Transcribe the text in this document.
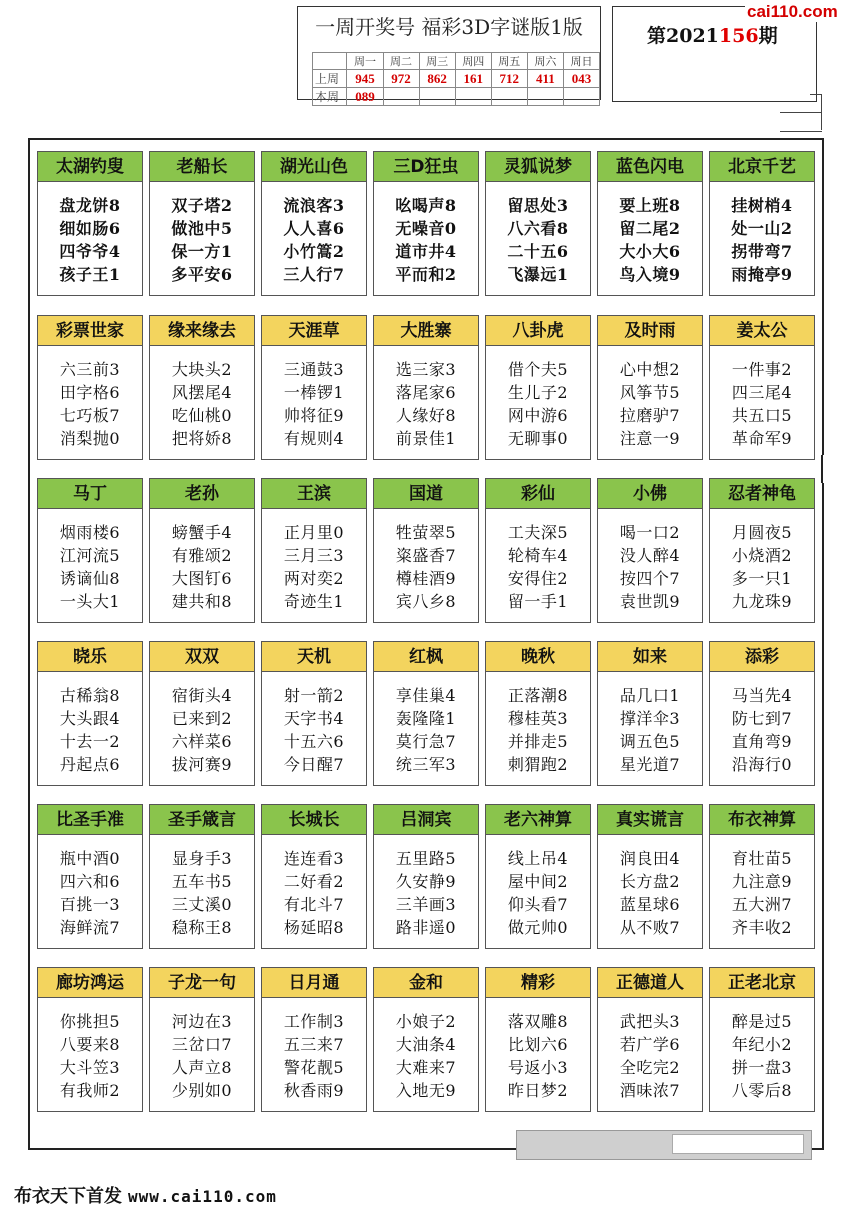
一周开奖号 福彩3D字谜版1版
	周一	周二	周三	周四	周五	周六	周日
上周	945	972	862	161	712	411	043
本周	089						
第2021156期
cai110.com
太湖钓叟
盘龙饼8
细如肠6
四爷爷4
孩子王1
老船长
双子塔2
做池中5
保一方1
多平安6
湖光山色
流浪客3
人人喜6
小竹篙2
三人行7
三D狂虫
吆喝声8
无噪音0
道市井4
平而和2
灵狐说梦
留思处3
八六看8
二十五6
飞瀑远1
蓝色闪电
要上班8
留二尾2
大小大6
鸟入境9
北京千艺
挂树梢4
处一山2
拐带弯7
雨掩亭9
彩票世家
六三前3
田字格6
七巧板7
消梨抛0
缘来缘去
大块头2
风摆尾4
吃仙桃0
把将娇8
天涯草
三通鼓3
一棒锣1
帅将征9
有规则4
大胜寨
选三家3
落尾家6
人缘好8
前景佳1
八卦虎
借个夫5
生儿子2
网中游6
无聊事0
及时雨
心中想2
风筝节5
拉磨驴7
注意一9
姜太公
一件事2
四三尾4
共五口5
革命军9
马丁
烟雨楼6
江河流5
诱谪仙8
一头大1
老孙
螃蟹手4
有雅颂2
大图钉6
建共和8
王滨
正月里0
三月三3
两对奕2
奇迹生1
国道
牲萤翠5
粢盛香7
樽桂酒9
宾八乡8
彩仙
工夫深5
轮椅车4
安得住2
留一手1
小佛
喝一口2
没人醉4
按四个7
袁世凯9
忍者神龟
月圆夜5
小烧酒2
多一只1
九龙珠9
晓乐
古稀翁8
大头跟4
十去一2
丹起点6
双双
宿街头4
已来到2
六样菜6
拔河赛9
天机
射一箭2
天字书4
十五六6
今日醒7
红枫
享佳巢4
轰隆隆1
莫行急7
统三军3
晚秋
正落潮8
穆桂英3
并排走5
刺猬跑2
如来
品几口1
撑洋伞3
调五色5
星光道7
添彩
马当先4
防七到7
直角弯9
沿海行0
比圣手准
瓶中酒0
四六和6
百挑一3
海鲜流7
圣手箴言
显身手3
五车书5
三丈溪0
稳称王8
长城长
连连看3
二好看2
有北斗7
杨延昭8
吕洞宾
五里路5
久安静9
三羊画3
路非遥0
老六神算
线上吊4
屋中间2
仰头看7
做元帅0
真实谎言
润良田4
长方盘2
蓝星球6
从不败7
布衣神算
育壮苗5
九注意9
五大洲7
齐丰收2
廊坊鸿运
你挑担5
八要来8
大斗笠3
有我师2
子龙一句
河边在3
三岔口7
人声立8
少别如0
日月通
工作制3
五三来7
警花靓5
秋香雨9
金和
小娘子2
大油条4
大难来7
入地无9
精彩
落双雕8
比划六6
号返小3
昨日梦2
正德道人
武把头3
若广学6
全吃完2
酒味浓7
正老北京
醉是过5
年纪小2
拼一盘3
八零后8
布衣天下首发 www.cai110.com
